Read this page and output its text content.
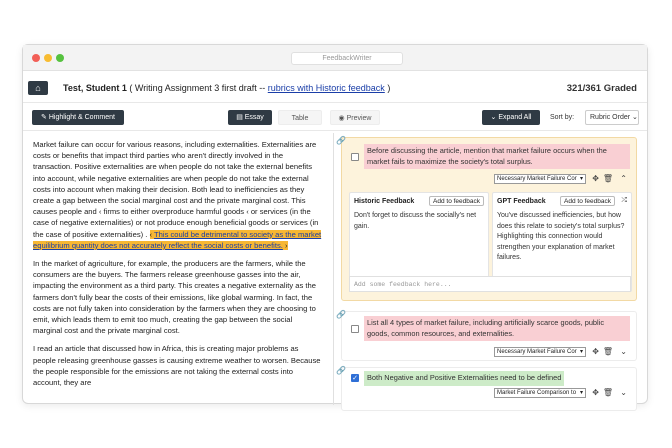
FeedbackWriter
⌂	Test, Student 1 ( Writing Assignment 3 first draft -- rubrics with Historic feedback )	321/361 Graded
✎ Highlight & Comment	▤ Essay	Table	◉ Preview	⌄ Expand All	Sort by:	Rubric Order ⌄

Market failure can occur for various reasons, including externalities. Externalities are costs or benefits that impact third parties who aren't directly involved in the transaction. Positive externalities are when people do not take the external benefits into account, while negative externalities are when people do not take the external costs into account when making their decision. Both lead to inefficiencies as they create a gap between the social marginal cost and the private marginal cost. This causes people and ‹ firms to either overproduce harmful goods ‹ or services (in the case of negative externalities) or not produce enough beneficial goods or services (in the case of positive externalities) . ‹ This could be detrimental to society as the market equilibrium quantity does not accurately reflect the social costs or benefits. ›

In the market of agriculture, for example, the producers are the farmers, while the consumers are the buyers. The farmers release greenhouse gasses into the air, impacting the environment as a third party. This creates a negative externality as the farmers don't fully bear the costs of their emissions, like global warming. In fact, the costs are not fully taken into consideration by the farmers when they are choosing to emit, which leads them to emit too much, creating the gap between the social marginal cost and the private marginal cost.

I read an article that discussed how in Africa, this is creating major problems as people releasing greenhouse gasses is causing extreme weather to worsen. Because the people responsible for the emissions are not taking the external costs into account, they are

🔗
Before discussing the article, mention that market failure occurs when the market fails to maximize the society's total surplus.
Necessary Market Failure Cor ▾	✥ 🗑 ⌃
Historic Feedback	Add to feedback
Don't forget to discuss the socially's net gain.
GPT Feedback	Add to feedback	⤮
You've discussed inefficiencies, but how does this relate to society's total surplus? Highlighting this connection would strengthen your explanation of market failures.
Add some feedback here...
🔗
List all 4 types of market failure, including artificially scarce goods, public goods, common resources, and externalities.
Necessary Market Failure Cor ▾	✥ 🗑 ⌄
🔗
✓	Both Negative and Positive Externalities need to be defined
Market Failure Comparison to ▾	✥ 🗑 ⌄
